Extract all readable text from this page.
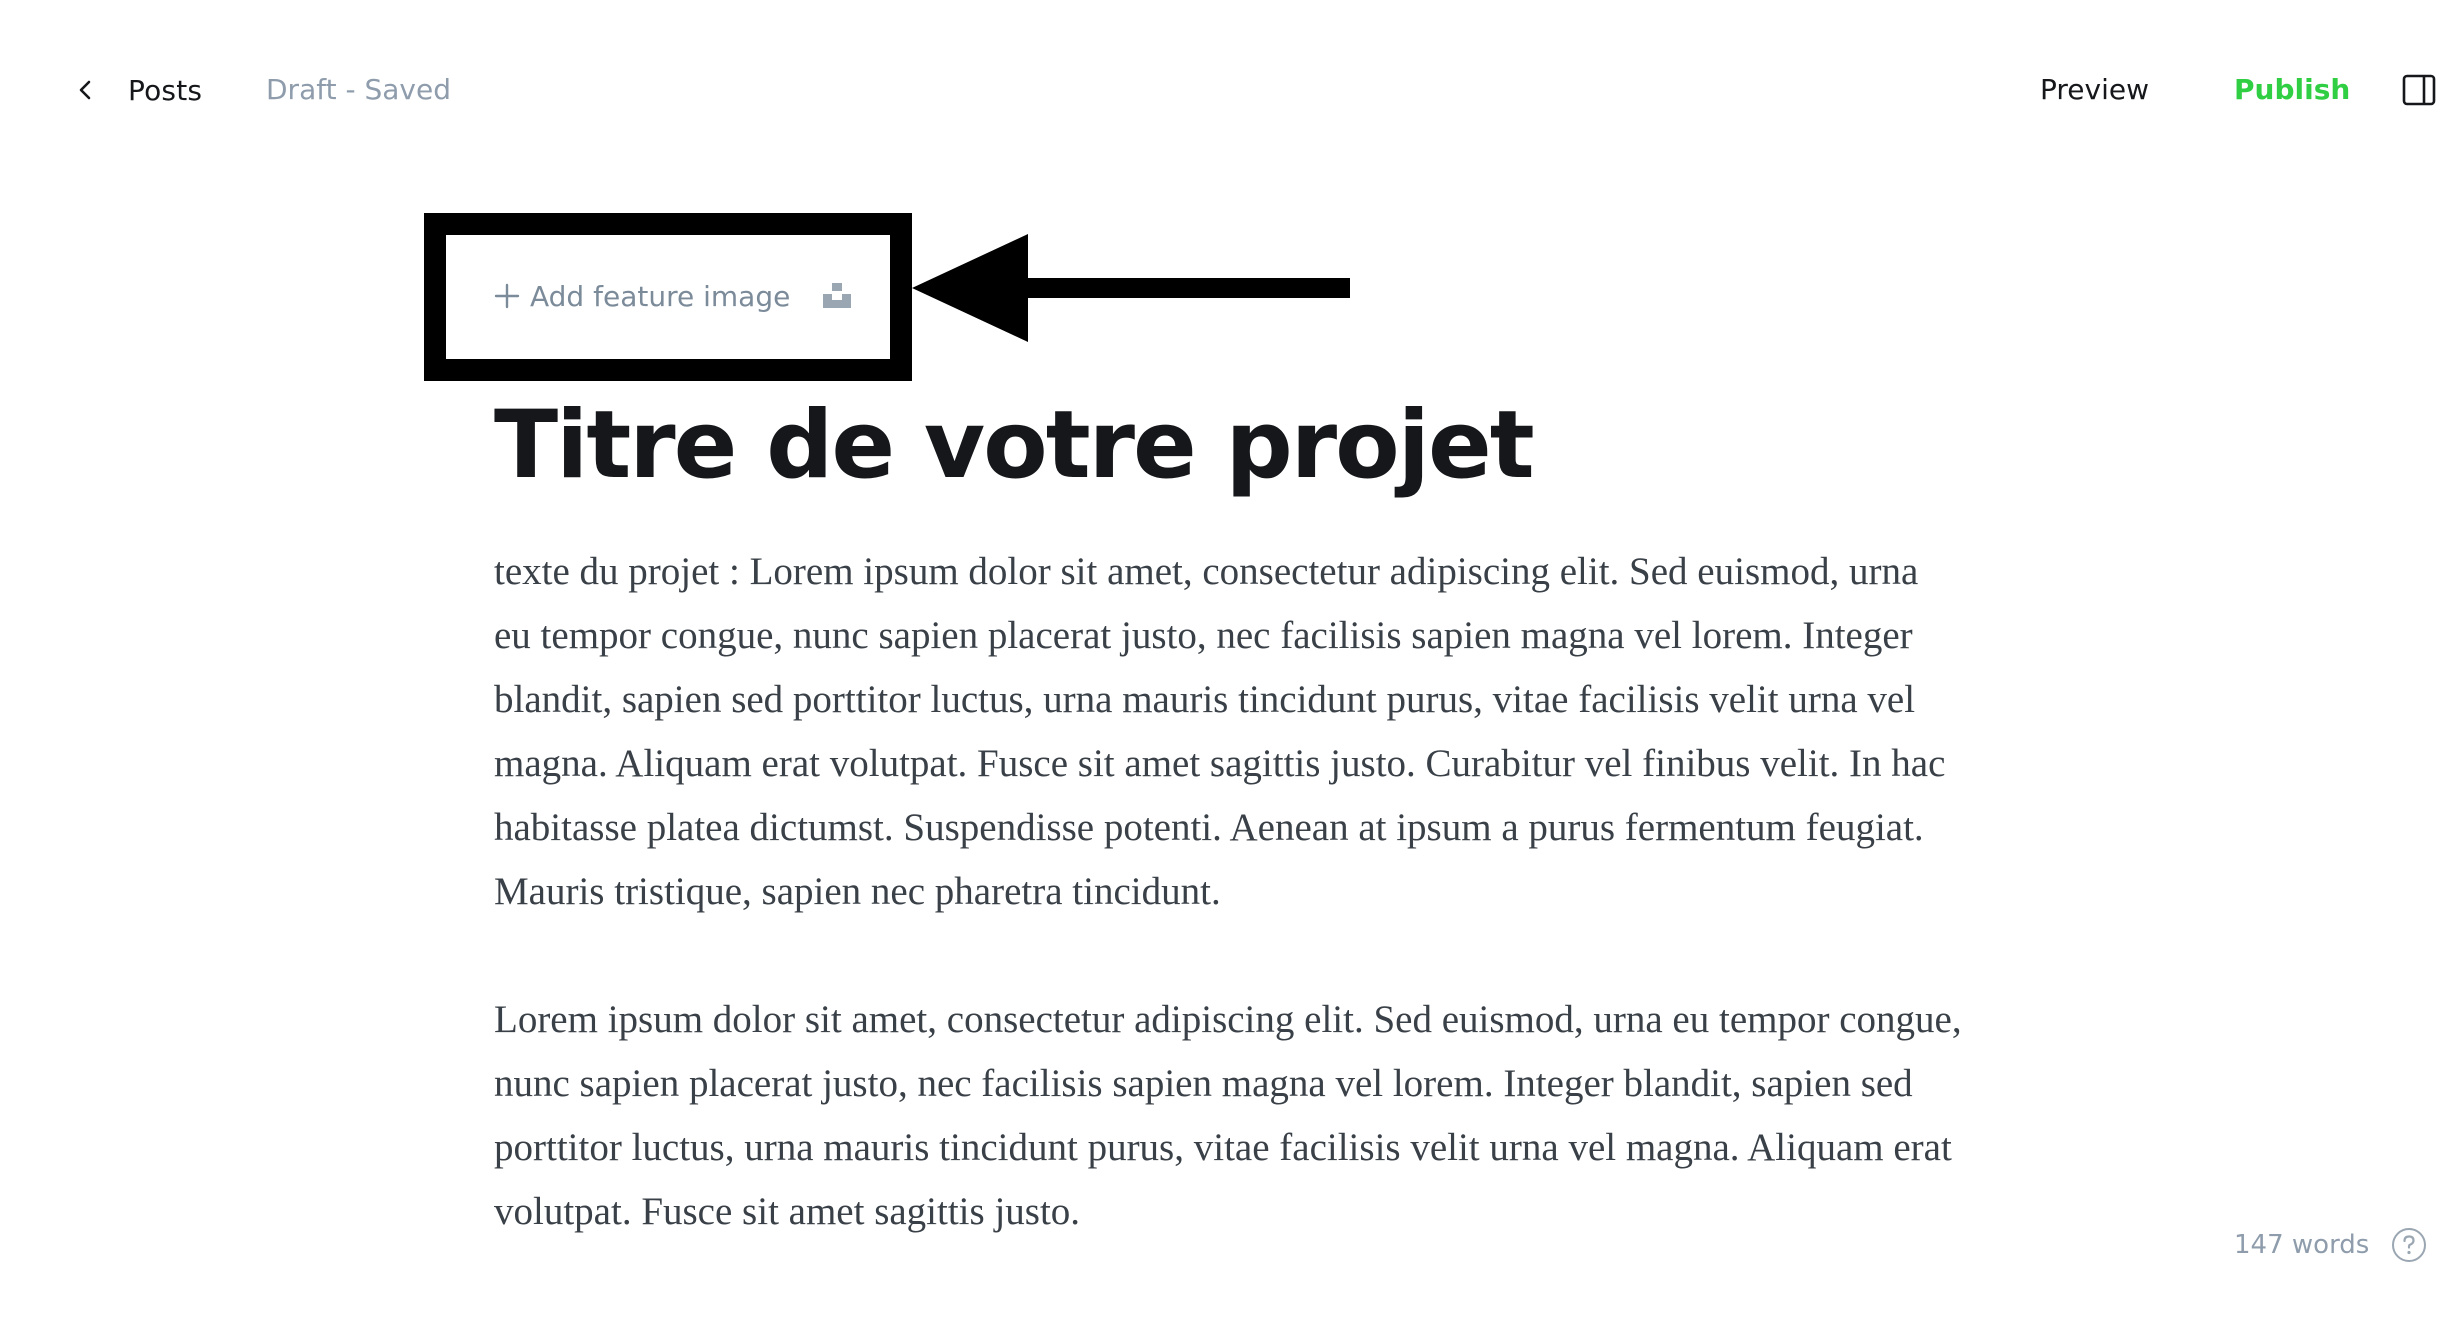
Posts Draft - Saved	Preview	Publish
Add feature image
Titre de votre projet

texte du projet : Lorem ipsum dolor sit amet, consectetur adipiscing elit. Sed euismod, urna eu tempor congue, nunc sapien placerat justo, nec facilisis sapien magna vel lorem. Integer blandit, sapien sed porttitor luctus, urna mauris tincidunt purus, vitae facilisis velit urna vel magna. Aliquam erat volutpat. Fusce sit amet sagittis justo. Curabitur vel finibus velit. In hac habitasse platea dictumst. Suspendisse potenti. Aenean at ipsum a purus fermentum feugiat. Mauris tristique, sapien nec pharetra tincidunt.

Lorem ipsum dolor sit amet, consectetur adipiscing elit. Sed euismod, urna eu tempor congue, nunc sapien placerat justo, nec facilisis sapien magna vel lorem. Integer blandit, sapien sed porttitor luctus, urna mauris tincidunt purus, vitae facilisis velit urna vel magna. Aliquam erat volutpat. Fusce sit amet sagittis justo.

147 words
